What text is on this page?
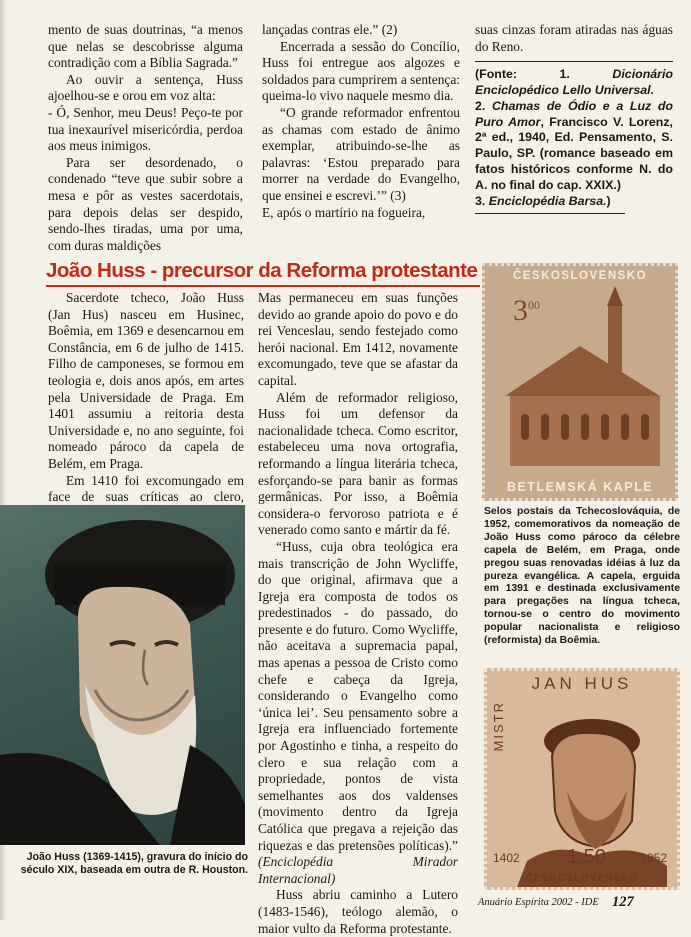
mento de suas doutrinas, “a menos que nelas se descobrisse alguma contradição com a Bíblia Sagrada.”

Ao ouvir a sentença, Huss ajoelhou-se e orou em voz alta:

- Ó, Senhor, meu Deus! Peço-te por tua inexaurível misericórdia, perdoa aos meus inimigos.

Para ser desordenado, o condenado “teve que subir sobre a mesa e pôr as vestes sacerdotais, para depois delas ser despido, sendo-lhes tiradas, uma por uma, com duras maldições

lançadas contras ele.” (2)

Encerrada a sessão do Concílio, Huss foi entregue aos algozes e soldados para cumprirem a sentença: queima-lo vivo naquele mesmo dia.

“O grande reformador enfrentou as chamas com estado de ânimo exemplar, atribuindo-se-lhe as palavras: ‘Estou preparado para morrer na verdade do Evangelho, que ensinei e escrevi.’” (3)

E, após o martírio na fogueira,

suas cinzas foram atiradas nas águas do Reno.

(Fonte: 1. Dicionário Enciclopédico Lello Universal.
2. Chamas de Ódio e a Luz do Puro Amor, Francisco V. Lorenz, 2ª ed., 1940, Ed. Pensamento, S. Paulo, SP. (romance baseado em fatos históricos conforme N. do A. no final do cap. XXIX.)
3. Enciclopédia Barsa.)
João Huss - precursor da Reforma protestante

Sacerdote tcheco, João Huss (Jan Hus) nasceu em Husinec, Boêmia, em 1369 e desencarnou em Constância, em 6 de julho de 1415. Filho de camponeses, se formou em teologia e, dois anos após, em artes pela Universidade de Praga. Em 1401 assumiu a reitoria desta Universidade e, no ano seguinte, foi nomeado pároco da capela de Belém, em Praga.

Em 1410 foi excomungado em face de suas críticas ao clero,

Mas permaneceu em suas funções devido ao grande apoio do povo e do rei Venceslau, sendo festejado como herói nacional. Em 1412, novamente excomungado, teve que se afastar da capital.

Além de reformador religioso, Huss foi um defensor da nacionalidade tcheca. Como escritor, estabeleceu uma nova ortografia, reformando a língua literária tcheca, esforçando-se para banir as formas germânicas. Por isso, a Boêmia considera-o fervoroso patriota e é venerado como santo e mártir da fé.

“Huss, cuja obra teológica era mais transcrição de John Wycliffe, do que original, afirmava que a Igreja era composta de todos os predestinados - do passado, do presente e do futuro. Como Wycliffe, não aceitava a supremacia papal, mas apenas a pessoa de Cristo como chefe e cabeça da Igreja, considerando o Evangelho como ‘única lei’. Seu pensamento sobre a Igreja era influenciado fortemente por Agostinho e tinha, a respeito do clero e sua relação com a propriedade, pontos de vista semelhantes aos dos valdenses (movimento dentro da Igreja Católica que pregava a rejeição das riquezas e das pretensões políticas).” (Enciclopédia Mirador Internacional)

Huss abriu caminho a Lutero (1483-1546), teólogo alemão, o maior vulto da Reforma protestante.

João Huss (1369-1415), gravura do início do século XIX, baseada em outra de R. Houston.
ČESKOSLOVENSKO
$3^{00}$
BETLEMSKÁ KAPLE
Selos postais da Tchecoslováquia, de 1952, comemorativos da nomeação de João Huss como pároco da célebre capela de Belém, em Praga, onde pregou suas renovadas idéias à luz da pureza evangélica. A capela, erguida em 1391 e destinada exclusivamente para pregações na língua tcheca, tornou-se o centro do movimento popular nacionalista e religioso (reformista) da Boêmia.
JAN HUS
MISTR
1402 1.50	1952
ČESKOSLOVENSKO
Anuário Espírita 2002 - IDE 127
